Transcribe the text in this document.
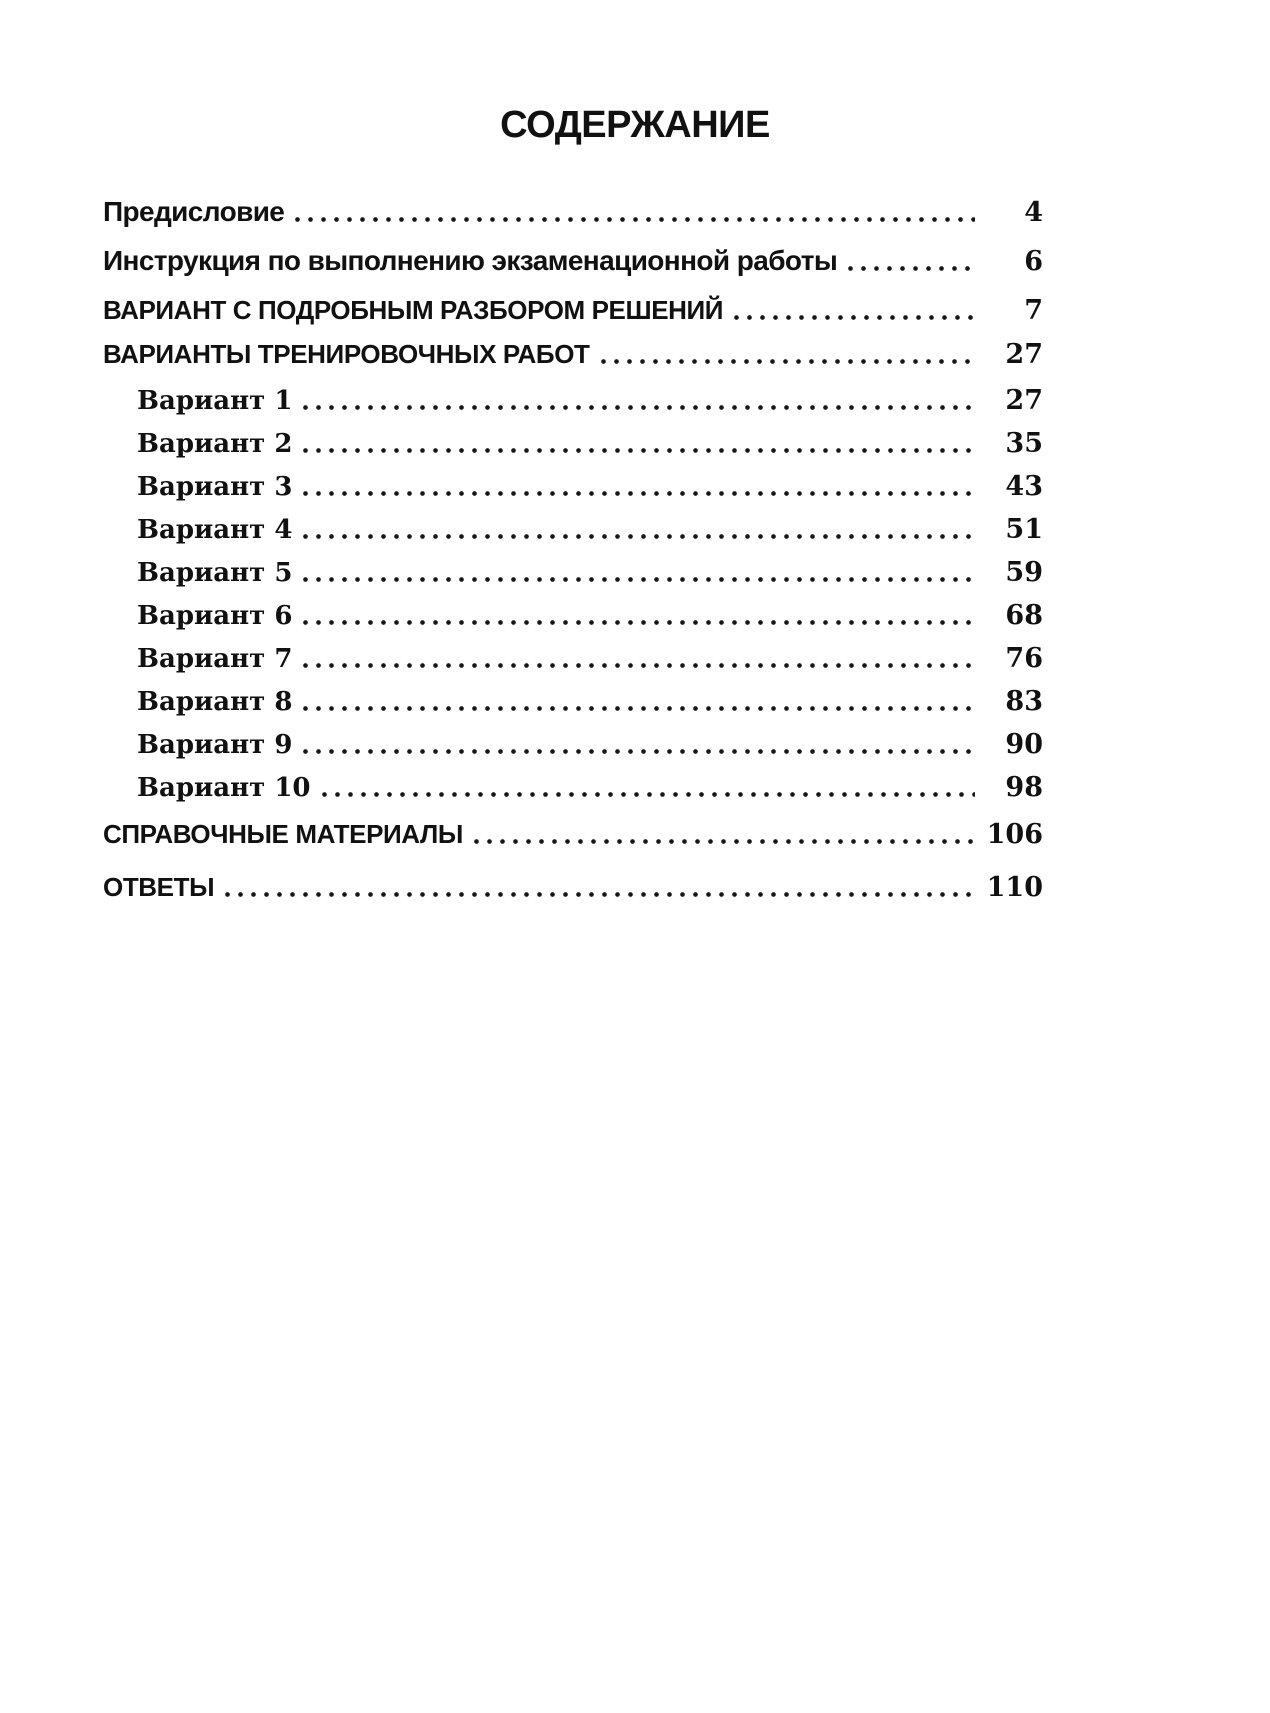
СОДЕРЖАНИЕ
Предисловие	4
Инструкция по выполнению экзаменационной работы	6
ВАРИАНТ С ПОДРОБНЫМ РАЗБОРОМ РЕШЕНИЙ	7
ВАРИАНТЫ ТРЕНИРОВОЧНЫХ РАБОТ	27
Вариант 1	27
Вариант 2	35
Вариант 3	43
Вариант 4	51
Вариант 5	59
Вариант 6	68
Вариант 7	76
Вариант 8	83
Вариант 9	90
Вариант 10	98
СПРАВОЧНЫЕ МАТЕРИАЛЫ	106
ОТВЕТЫ	110
